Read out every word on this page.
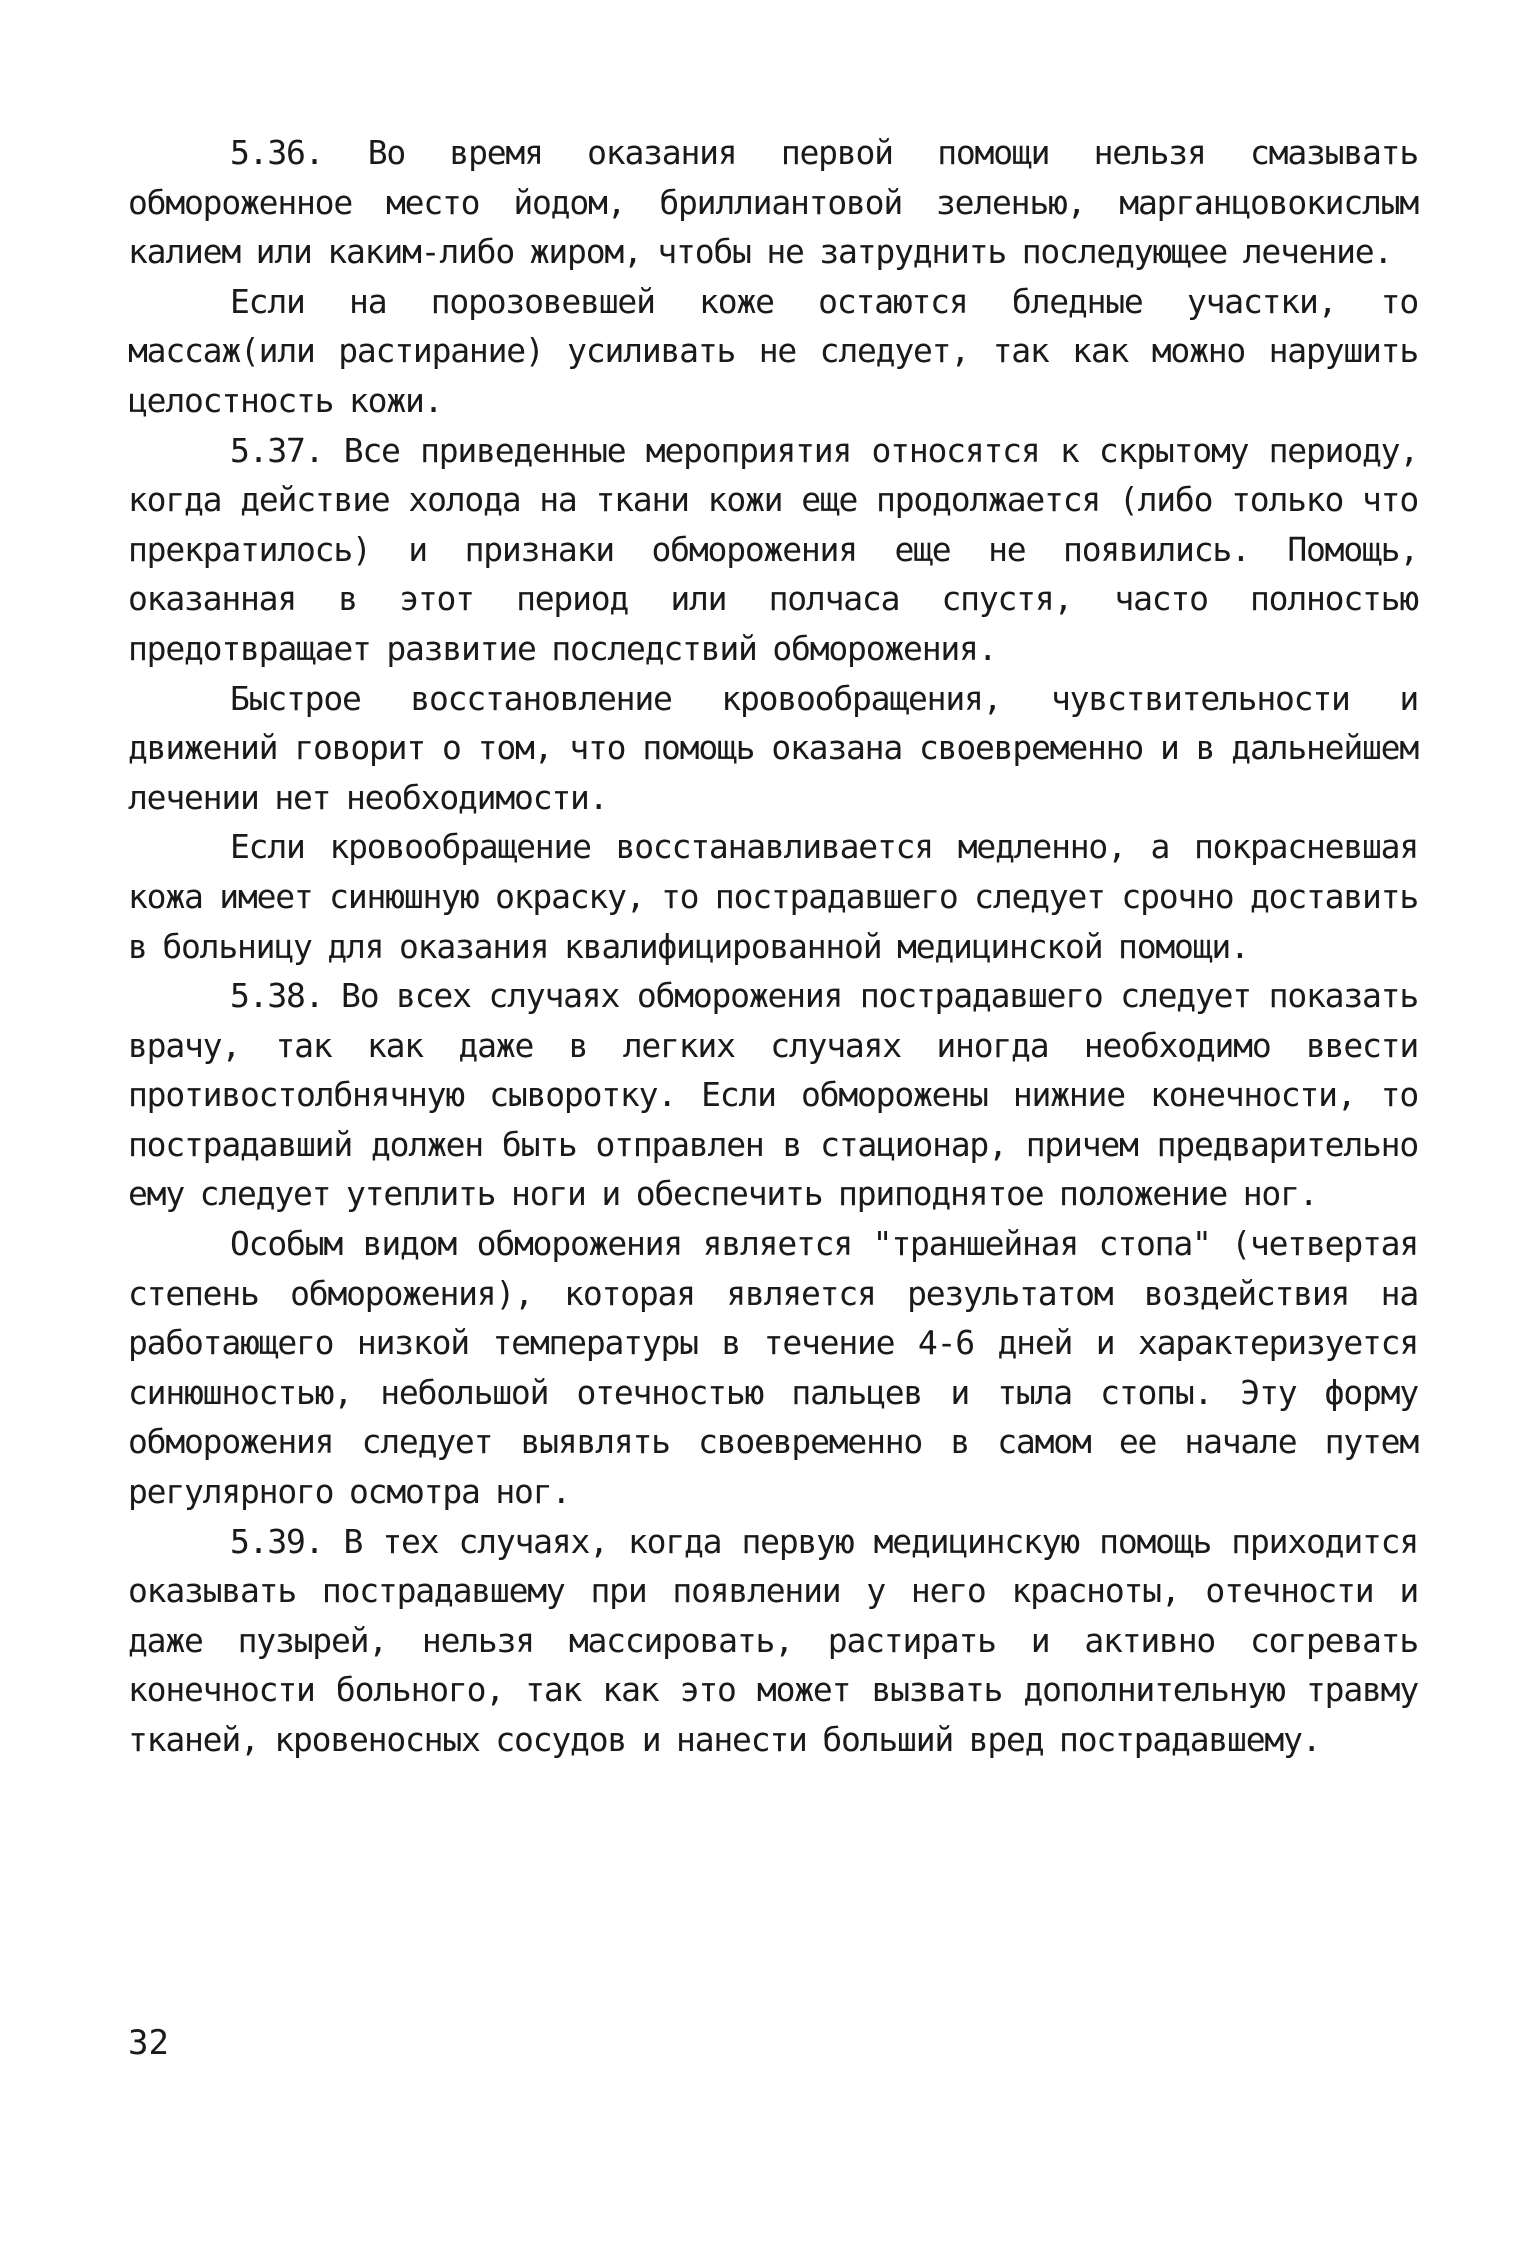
5.36. Во время оказания первой помощи нельзя смазывать обмороженное место йодом, бриллиантовой зеленью, марганцовокислым калием или каким-либо жиром, чтобы не затруднить последующее лечение.

Если на порозовевшей коже остаются бледные участки, то массаж(или растирание) усиливать не следует, так как можно нарушить целостность кожи.

5.37. Все приведенные мероприятия относятся к скрытому периоду, когда действие холода на ткани кожи еще продолжается (либо только что прекратилось) и признаки обморожения еще не появились. Помощь, оказанная в этот период или полчаса спустя, часто полностью предотвращает развитие последствий обморожения.

Быстрое восстановление кровообращения, чувствительности и движений говорит о том, что помощь оказана своевременно и в дальнейшем лечении нет необходимости.

Если кровообращение восстанавливается медленно, а покрасневшая кожа имеет синюшную окраску, то пострадавшего следует срочно доставить в больницу для оказания квалифицированной медицинской помощи.

5.38. Во всех случаях обморожения пострадавшего следует показать врачу, так как даже в легких случаях иногда необходимо ввести противостолбнячную сыворотку. Если обморожены нижние конечности, то пострадавший должен быть отправлен в стационар, причем предварительно ему следует утеплить ноги и обеспечить приподнятое положение ног.

Особым видом обморожения является "траншейная стопа" (четвертая степень обморожения), которая является результатом воздействия на работающего низкой температуры в течение 4-6 дней и характеризуется синюшностью, небольшой отечностью пальцев и тыла стопы. Эту форму обморожения следует выявлять своевременно в самом ее начале путем регулярного осмотра ног.

5.39. В тех случаях, когда первую медицинскую помощь приходится оказывать пострадавшему при появлении у него красноты, отечности и даже пузырей, нельзя массировать, растирать и активно согревать конечности больного, так как это может вызвать дополнительную травму тканей, кровеносных сосудов и нанести больший вред пострадавшему.

32
